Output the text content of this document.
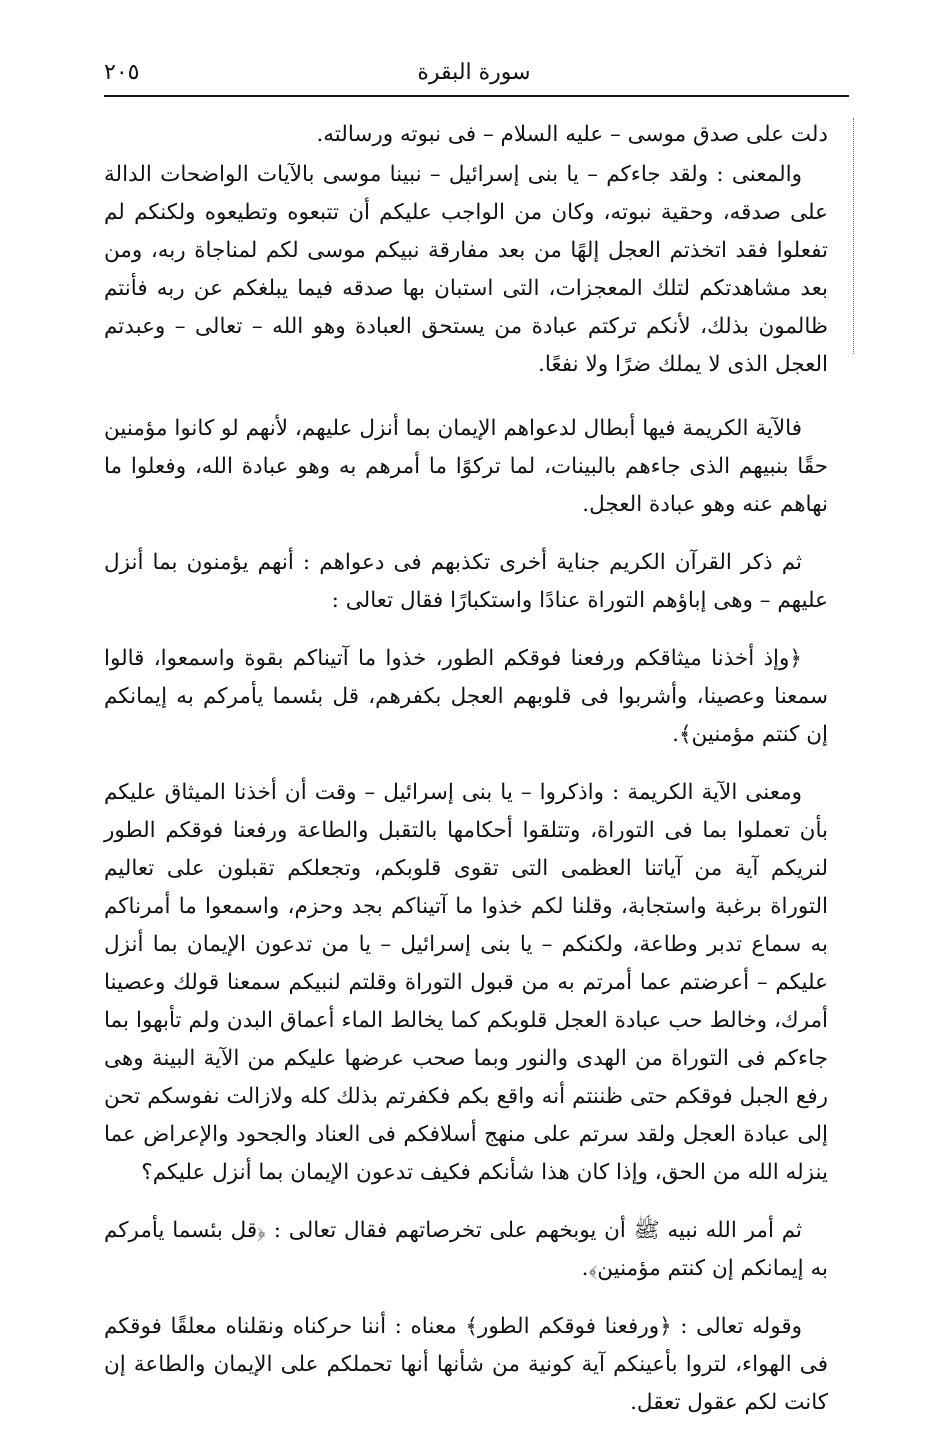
سورة البقرة
٢٠٥

دلت على صدق موسى – عليه السلام – فى نبوته ورسالته.

والمعنى : ولقد جاءكم – يا بنى إسرائيل – نبينا موسى بالآيات الواضحات الدالة على صدقه، وحقية نبوته، وكان من الواجب عليكم أن تتبعوه وتطيعوه ولكنكم لم تفعلوا فقد اتخذتم العجل إلهًا من بعد مفارقة نبيكم موسى لكم لمناجاة ربه، ومن بعد مشاهدتكم لتلك المعجزات، التى استبان بها صدقه فيما يبلغكم عن ربه فأنتم ظالمون بذلك، لأنكم تركتم عبادة من يستحق العبادة وهو الله – تعالى – وعبدتم العجل الذى لا يملك ضرًا ولا نفعًا.

فالآية الكريمة فيها أبطال لدعواهم الإيمان بما أنزل عليهم، لأنهم لو كانوا مؤمنين حقًا بنبيهم الذى جاءهم بالبينات، لما تركوًا ما أمرهم به وهو عبادة الله، وفعلوا ما نهاهم عنه وهو عبادة العجل.

ثم ذكر القرآن الكريم جناية أخرى تكذبهم فى دعواهم : أنهم يؤمنون بما أنزل عليهم – وهى إباؤهم التوراة عنادًا واستكبارًا فقال تعالى :

﴿وإذ أخذنا ميثاقكم ورفعنا فوقكم الطور، خذوا ما آتيناكم بقوة واسمعوا، قالوا سمعنا وعصينا، وأشربوا فى قلوبهم العجل بكفرهم، قل بئسما يأمركم به إيمانكم إن كنتم مؤمنين﴾.

ومعنى الآية الكريمة : واذكروا – يا بنى إسرائيل – وقت أن أخذنا الميثاق عليكم بأن تعملوا بما فى التوراة، وتتلقوا أحكامها بالتقبل والطاعة ورفعنا فوقكم الطور لنريكم آية من آياتنا العظمى التى تقوى قلوبكم، وتجعلكم تقبلون على تعاليم التوراة برغبة واستجابة، وقلنا لكم خذوا ما آتيناكم بجد وحزم، واسمعوا ما أمرناكم به سماع تدبر وطاعة، ولكنكم – يا بنى إسرائيل – يا من تدعون الإيمان بما أنزل عليكم – أعرضتم عما أمرتم به من قبول التوراة وقلتم لنبيكم سمعنا قولك وعصينا أمرك، وخالط حب عبادة العجل قلوبكم كما يخالط الماء أعماق البدن ولم تأبهوا بما جاءكم فى التوراة من الهدى والنور وبما صحب عرضها عليكم من الآية البينة وهى رفع الجبل فوقكم حتى ظننتم أنه واقع بكم فكفرتم بذلك كله ولازالت نفوسكم تحن إلى عبادة العجل ولقد سرتم على منهج أسلافكم فى العناد والجحود والإعراض عما ينزله الله من الحق، وإذا كان هذا شأنكم فكيف تدعون الإيمان بما أنزل عليكم؟

ثم أمر الله نبيه ﷺ أن يوبخهم على تخرصاتهم فقال تعالى : ﴿قل بئسما يأمركم به إيمانكم إن كنتم مؤمنين﴾.

وقوله تعالى : ﴿ورفعنا فوقكم الطور﴾ معناه : أننا حركناه ونقلناه معلقًا فوقكم فى الهواء، لتروا بأعينكم آية كونية من شأنها أنها تحملكم على الإيمان والطاعة إن كانت لكم عقول تعقل.
